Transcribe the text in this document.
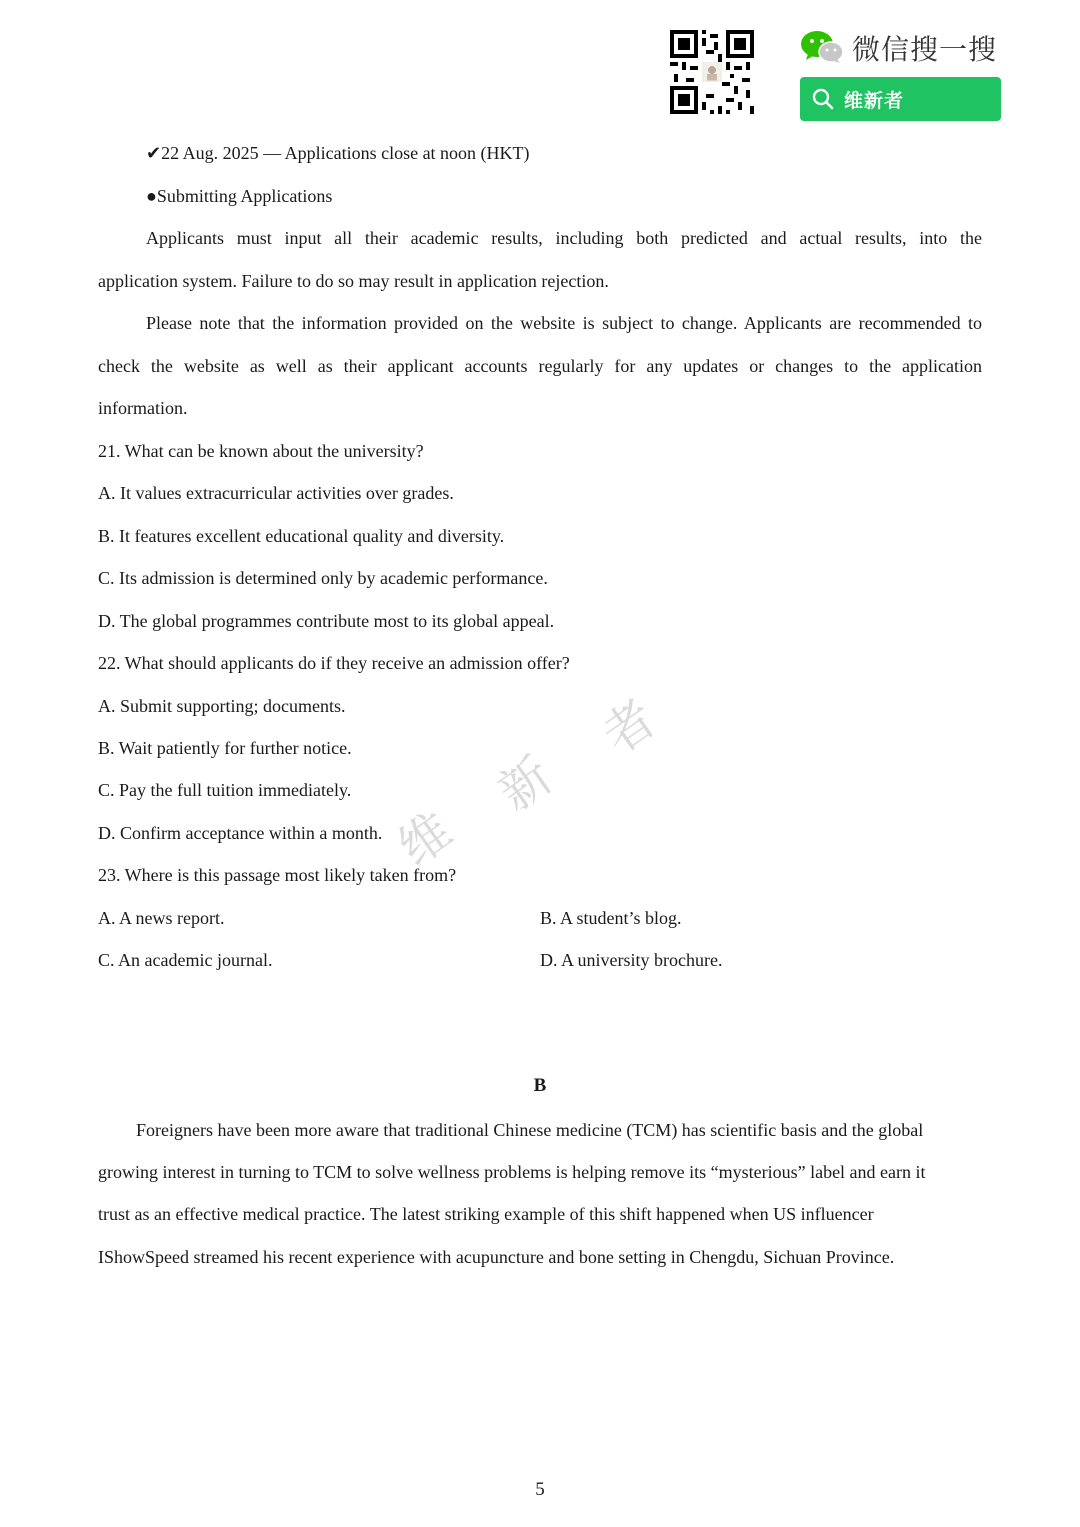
微信搜一搜
维新者
✔22 Aug. 2025 — Applications close at noon (HKT)
●Submitting Applications
Applicants must input all their academic results, including both predicted and actual results, into the
application system. Failure to do so may result in application rejection.
Please note that the information provided on the website is subject to change. Applicants are recommended to
check the website as well as their applicant accounts regularly for any updates or changes to the application
information.
21. What can be known about the university?
A. It values extracurricular activities over grades.
B. It features excellent educational quality and diversity.
C. Its admission is determined only by academic performance.
D. The global programmes contribute most to its global appeal.
22. What should applicants do if they receive an admission offer?
A. Submit supporting; documents.
B. Wait patiently for further notice.
C. Pay the full tuition immediately.
D. Confirm acceptance within a month.
23. Where is this passage most likely taken from?
A. A news report.	B. A student’s blog.
C. An academic journal.	D. A university brochure.
B
Foreigners have been more aware that traditional Chinese medicine (TCM) has scientific basis and the global
growing interest in turning to TCM to solve wellness problems is helping remove its “mysterious” label and earn it
trust as an effective medical practice. The latest striking example of this shift happened when US influencer
IShowSpeed streamed his recent experience with acupuncture and bone setting in Chengdu, Sichuan Province.
维
新
者
5
